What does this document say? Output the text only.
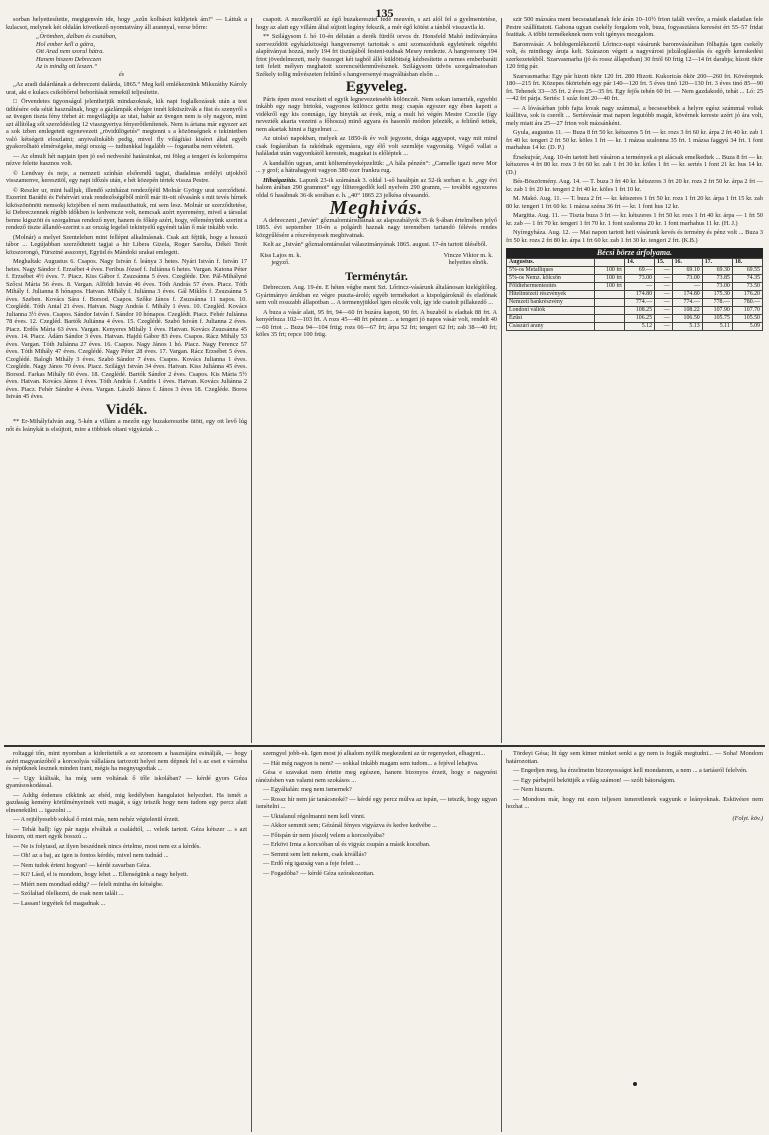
135

sorban helyettesítette, megigenvén ide, hogy „szűn kolbászt küldjetek ám!“ — Láttuk a kulacsot, melynek két oldalán következő nyomtatvány áll arannyal, verse bőrre:

„Örömben, dalban és csatában,
Hol ember kell a gátra,
Ott Arad nem szorul hátra.
Hanem hiszem Debreczen
Az is mindig ott leszen.“
és

„Az aradi dalárdának a debreczeni dalárda, 1865.“ Meg kell emlékeznünk Mikszáthy Károly urat, aki e kulacs csikóbőrrel beborítását remekül teljesítette.

□ Örvendetes ügyonságul jelenthetjük mindazoknak, kik napi foglalkozásuk után a test üdítésére oda sétát használnak, hogy a gázlámpák elvégre innét kiküszítvák a füst és szenyről s az üvegen tiszta fény törhet át: megvilágítja az utat, habár az üvegen nem is oly nagyon, mint azt állítólag sőt szerződésileg 12 viaszgyertya fényerőtlenítenek. Nem is ártana már egyszer azt a sok izben emlegetett egynevezett „rövidülögetés“ megtenni s a közönségnek e tekintetben való kétségeit eloszlatni; anyivalinkább pedig, mivel fly világítási kiséret által egyéb gyakorolható elmérségeke, mégi ország — tudtunkkal legalább — foganatba nem vétetett.

— Az elmult hét napjain ipen jó eső nedvesíté határainkat, mi föleg a tengeri és kolompérra nézve felette hasznos volt.

© Lendvay és neje, a nemzeti színház elsőrendű tagjai, diadalmas erdélyi utjokból visszamenve, kereszttöl, egy napi időzés után, e hét közepén tértek vissza Pestre.

© Reszler ur, mint halljuk, illendő szinházat rendezőjéül Molnár György urat szerződteté. Eszerint Baráthi és Fehérvári urak rendezőségéből miről már itt-ott olvasánk s mit tevés hírnek kiköszönönött nemsokj közjében el nem mulaszthattuk, mi sem lesz. Molnár ur szerződtetése, ki Debreczennek régibb időkben is kedvencze volt, nemcsak azért nyeremény, mivel a társulat benne kiguzött és szorgalmas rendező nyer, hanem és főkép azért, hogy, véleményünk szerint a rendező tiszte állandó-szerint s az ország legelső tekintyelű egyénét talán ő már inkább vele.

(Molnár) a melyet Szentelehen mint fellépni alkalmásnak. Csak azt féjtük, hogy a hosszú tábor ... Legújabban szerződtetett tagjai a hir Libera Gizela, Roger Sarolta, Dékéi Terét közszorongó, Fürsztné asszonyt, Együd és Mándoki urakat emlegeti.

Meghaltak: Augustus 6. Csapos. Nagy István f. leánya 3 hetes. Nyári István f. István 17 hetes. Nagy Sándor f. Erzsébet 4 éves. Feribus József f. Juliánna 6 hetes. Vargan. Katona Péter f. Erzsébet 4½ éves. 7. Piacz. Kiss Gábor f. Zsuzsánna 5 éves. Czegléde. Dor. Pál-Mihályné Szőcsi Mária 56 éves. 8. Vargan. Alföldi István 46 éves. Tóth András 57 éves. Piacz. Tóth Mihály f. Julianna 8 hónapos. Hatvan. Mihály f. Juliánna 3 éves. Gál Miklós f. Zsuzsánna 5 éves. Szeben. Kovács Sára f. Borsod. Csapos. Szőke János f. Zsuzsánna 11 napos. 10. Czeglédé. Tóth Antal 21 éves. Hatvan. Nagy András f. Mihály 1 éves. 10. Czegléd. Kovács Julianna 3½ éves. Csapos. Sándor István f. Sándor 10 hónapos. Czeglédt. Piacz. Fehér Juliánna 78 éves. 12. Czegléd. Bartók Juliánna 4 éves. 15. Czeglédé. Szabó István f. Julianna 2 éves. Piacz. Erdős Mária 63 éves. Vargan. Kenyeres Mihály 1 éves. Hatvan. Kovács Zsuzsánna 45 éves. 14. Piacz. Ádám Sándor 3 éves. Hatvan. Hajdú Gábor 83 éves. Csapos. Rácz Mihály 53 éves. Vargan. Tóth Juliánna 27 éves. 16. Csapos. Nagy János 1 hó. Piacz. Nagy Ferencz 57 éves. Tóth Mihály 47 éves. Czeglédé. Nagy Péter 28 éves. 17. Vargan. Rácz Erzsébet 5 éves. Czeglédé. Balogh Mihály 3 éves. Szabó Sándor 7 éves. Csapos. Kovács Julianna 1 éves. Czegléde. Nagy János 70 éves. Piacz. Szilágyi István 34 éves. Hatvan. Kiss Juliánna 45 éves. Borsod. Farkas Mihály 60 éves. 18. Czeglédé. Bartók Sándor 2 éves. Csapos. Kis Mária 5½ éves. Hatvan. Kovács János 1 éves. Tóth András f. Andris 1 éves. Hatvan. Kovács Juliánna 2 éves. Piacz. Fehér Sándor 4 éves. Vargan. László János f. János 3 éves 18. Czegléde. Boros István 45 éves.

Vidék.

** Er-Mihályfalván aug. 5-kén a villám a mezőn egy buzakeresztbe ütött, egy ott levő lúg nőt és leánykát is elsújtott, mire a többiek oltani vigyáztak ...

csapott. A mezőkerülő az égő buzakeresztet fedé meuvén, s azt alól fel a gyelmentetése, hogy az alatt egy villám által sújtott legény fekszik, a mér égő kötést a tánból visszavila ki.

** Szilágysom f. hó 10-én délután a derék fürdői orvos dr. Honsfeld Mahó indítványára szerveződött egyházközségi hangversenyt tartottak s ami szomszédunk egyletének régebbi alapítványai hozzá, mely 194 frt tisztájából festeni-tudnak Mesey rendezte. A hangverseny 194 frtot jövedelmezett, mely összeget két tagból álló küldöttség kézbesítette a nemes emberbaráti tett felett mélyen meghatott szerencsétlenművésznek. Szilágysom üdvös szorgalmatosban Székely tollig művészeten feltűnő s hangversenyé magváltásban elsőn ...

Egyveleg.

Páris épen most veszített el egyik legnevezetesebb kölönczét. Nem sokan ismerték, egyebbi inkább egy nagy birtokú, vagyonos különcz gettu meg: csapás egyszer egy ében kapott a vidékről egy kis comnágo, így hinyták az évek, míg a mult hó végén Mestre Czocile (így nevezték akarta vezetni a főhosza) minő agyara és hasonló módon jelezték, a feltűnő tettek, nem akartak hinni a figyelmet ...

Az utolsó napokban, melyek az 1850-ik év volt jegyzete, drága aggyapot, vagy mit mind csak fogásrában fa rakódnak egymásra, egy élő volt szemléje vagyonáig. Végső vallat a haláladat után vagyonkától kerestek, magukat is előléptek ...

A kandallón ugyan, amit költeményeképzeltük: „A hála pénzén“: „Camelle igazi neve Mor ... y grof; a hátrahagyott vagyon 380 ezer frankra rug.

Hibaigazítás. Lapunk 23-ik számának 3. oldal 1-ső hasábján az 52-ik sorban e. h. „egy évi halom árában 290 grammot“ egy liliteregedlőt kell nyelvén 290 gramm, — további egyszeres oldal 6 hasábnak 36-ik sorában e. h. „40“ 1865 23 jelkésa olvasandó.

Meghivás.

A debreczeni „István“ gőzmalomtársulatnak az alapszabályok 35-ik §-ában értelmében jelyő 1865. évi september 10-én a polgárdi haznak nagy teremében tartandó félévés rendes közgyűlésére a részvényesek meghivatnak.

Kelt az „István“ gőzmalomtársulat választmányának 1865. august. 17-én tartott üléséből.

Kiss Lajos m. k.
jegyző.
Vincze Viktor m. k.
helyettes elnök.
Terménytár.

Debreczen. Aug. 19-én. E héten végbe ment Szt. Lőrincz-vásárunk általánosan kielégítőleg. Gyártmányo árukban ez végre puszta-ároló; egyéb termékeket a kispolgároknál és eladónak sem volt rosszabb állapotban ... A termenyjükkel igen olcsók volt, így ide csatolt pillakezdő ...

A buza a vásár alatt, 95 frt, 94—60 frt buzára kapott, 90 frt. A buzaból is eladtak 88 frt. A kenyérbuza 102—103 frt. A rozs 45—48 frt pénzen ... a tengeri jó napos vásár volt, rendelt 40—60 frtot ... Buza 94—104 frtig; rozs 66—67 frt; árpa 52 frt; tengeri 62 frt; zab 38—40 frt; köles 35 frt; repce 100 frtig.

szir 500 mázsára ment becsoatatlanak fele árán 10–10½ frton talált vevőre, a másik eladatlan fele Pestre szállíttatott. Gabona ugyan csekély forgalom volt, buza, fogyasztásra keresést ért 55–57 fridat feaittak. A többi termékeknek nem volt igényes mozgalom.

Baromvásár. A boldogemlékezetű Lőrincz-napi vásárunk baromvásárában fölhajtás igen csekély volt, és minthogy áruja kelt. Szárazon végett a nagyvárosi jelzáloglásolás és egyéb kereskedési szerkezetekből. Szarvasmarha (jó és rossz állapotban) 30 frtól 60 frtig 12—14 frt darabja; hízott ökör 120 frtig pár.

Szarvasmarha: Egy pár hizott ökör 120 frt. 280 Hizott. Kukoricás ökör 200—260 frt. Kövéreptek 180—215 frt. Közepes ökörtehén egy pár 140—120 frt. 5 éves tinó 120—130 frt. 3 éves tinó 85—90 frt. Tehenek 33—35 frt. 2 éves 25—35 frt. Egy fejős tehén 60 frt. — Nem gazdakodó, tehát ... Ló: 25—42 frt párja. Sertés: 1 száz font 20—40 frt.

— A lóvásárban jobb fajta lovak nagy számmal, a becsesebbek a helyre egész számmal voltak kiállitva, sok is cserélt ... Sertésvásár mai napon legutóbb magát, kövérnek kereste azért jó ára volt, mely miatt ára 25—27 frton volt mázsánként.

Gyula, augustus 11. — Buza 8 frt 50 kr. kétszeres 5 frt — kr. rozs 3 frt 60 kr. árpa 2 frt 40 kr. zab 1 frt 40 kr. tengeri 2 frt 50 kr. köles 1 frt — kr. 1 mázsa szalonna 35 frt. 1 mázsa faggyú 34 frt. 1 font marhahus 14 kr. (D. P.)

Érsekujvár, Aug. 10-én tartott heti vásáron a termények a pi alácsak emelkedtek ... Buza 8 frt — kr. kétszeres 4 frt 80 kr. rozs 3 frt 60 kr. zab 1 frt 30 kr. köles 1 frt — kr. sertés 1 font 21 kr. hus 14 kr. (D.)

Bés-Böszörmény. Aug. 14. — T. buza 3 frt 40 kr. kétszeres 3 frt 20 kr. rozs 2 frt 50 kr. árpa 2 frt — kr. zab 1 frt 20 kr. tengeri 2 frt 40 kr. köles 1 frt 10 kr.

M. Makó. Aug. 11. — T. buza 2 frt — kr. kétszeres 1 frt 50 kr. rozs 1 frt 20 kr. árpa 1 frt 15 kr. zab 80 kr. tengeri 1 frt 60 kr. 1 mázsa széna 36 frt — kr. 1 font hus 12 kr.

Margitta. Aug. 11. — Tiszta buza 3 frt — kr. kétszeres 1 frt 50 kr. rozs 1 frt 40 kr. árpa — 1 frt 50 kr. zab — 1 frt 70 kr. tengeri 1 frt 70 kr. 1 font szalonna 20 kr. 1 font marhahus 11 kr. (H. J.)

Nyíregyháza. Aug. 12. — Mai napon tartott heti vásárunk kevés és termény és pénz volt ... Buza 3 frt 50 kr. rozs 2 frt 80 kr. árpa 1 frt 60 kr. zab 1 frt 30 kr. tengeri 2 frt. (K.B.)

Bécsi börze árfolyama.
Augustus.		14.	15.	16.	17.	18.
5%-os Metalliques	100 frt	69.—	—	69.10	69.30	69.55
5%-os Nemz. kölcsön	100 frt	73.00	—	73.00	73.85	74.35
Földtehermentesítés	100 frt	—	—	—	73.00	73.50
Hitelintézeti részvények		174.80	—	174.80	175.30	176.20
Nemzeti bankrészvény		774.—	—	774.—	778.—	780.—
Londoni váltók		108.25	—	108.22	107.90	107.70
Ezüst		106.25	—	106.50	105.75	105.50
Császári arany		5.12	—	5.13	5.11	5.09

roltaggé tőn, mint nyomban a kiderítették a ez szomosm a hasznájára esinálják, — hogy azért magyarázóból a korcsolyás vállalásra tartozott helyei nem dépnek fel s az eset e városba és népüknek lesznek minden irant, mégis ha megnyugodtak ...

— Ugy kiáltsák, ha még sem voltának ő tőle iskolában? — kérdé gyors Géza gyanúsoskodással.

— Addig érdemes cikkünk az ebéd, mig kedélyben hangulatot helyezhet. Ha ismét a gazdaság kemény körülményeinek veti magát, s úgy tetszik hogy nem tudom egy percz alatt elmenekülni ... igazolni ...

— A rejtélyesebb sokkal ő mint más, nem nehéz végtelenül érzett.

— Tehát hallj: így pár napja elváltak a családtól, ... veleik tartott. Géza kétszer ... s azt hiszem, ott mert egyik bosszú ...

— Ne is folytasd, az ilyen beszédnek nincs értelme, most nem ez a kérdés.

— Oh! az a baj, az igen is fontos kérdés, mivel nem tudnád ...

— Nem tudok érteni hogyan! — kérdé zavarban Géza.

— Ki? Lásd, el is mondom, hogy lehet ... Ellenségünk a nagy helyett.

— Miért nem mondtad eddig? — felelt mintha én kétségbe.

— Szólaltad ölelkezni, de csak nem talált ...

— Lassan! tegyétek fel magadnak ...

szemgyel jobb-ek. Igen most jó alkalom nyilik megkezdeni az úr regenyeket, elhagyni...

— Hát még nagyon is nem? — sokkal inkább magam sem tudom... a fejével lehajtva.

Gésa e szavakat nem értette meg egészen, hanem bizonyos érzett, hogy e nagynéni ránézésben van valami nem szokásos ...

— Egyáltalán: meg nem ismernek?

— Rossz hír nem jár tanácsnoké? — kérdé egy percz múlva az ispán, — tetszik, hogy ugyan ismételni ...

— Uktalanul régolmanni nem kell vinni.

— Akkor semmit sem; Gézánál fényes vigyázva és kedve kedvébe ...

— Főispán úr nem jószolj velem a korcsolyába?

— Erkövi Irma a korcsóban ul és vigyáz csupán a másik kocsiban.

— Semmi sem lett nekem, csak kivállás?

— Erdő rég igazság van a feje felett ...

— Fogadóba? — kérdé Géza szórakozottan.

Tördeyi Gésa; lit úgy sem kimer minket senki a gy nem is fogják megtudni... — Soha! Mondom határozottan.

— Engedjen meg, ha érzelmeim bizonyosságot kell mondanom, a nem ... a tartásról felelvén.

— Egy párbajról beköttjék a világ számon! — szólt bátorságom.

— Nem hiszem.

— Mondom már, hogy mi ezen teljesen ismeretlenek vagyunk e leányoknak. Esküvésre nem hozhat ...

(Folyt. köv.)
